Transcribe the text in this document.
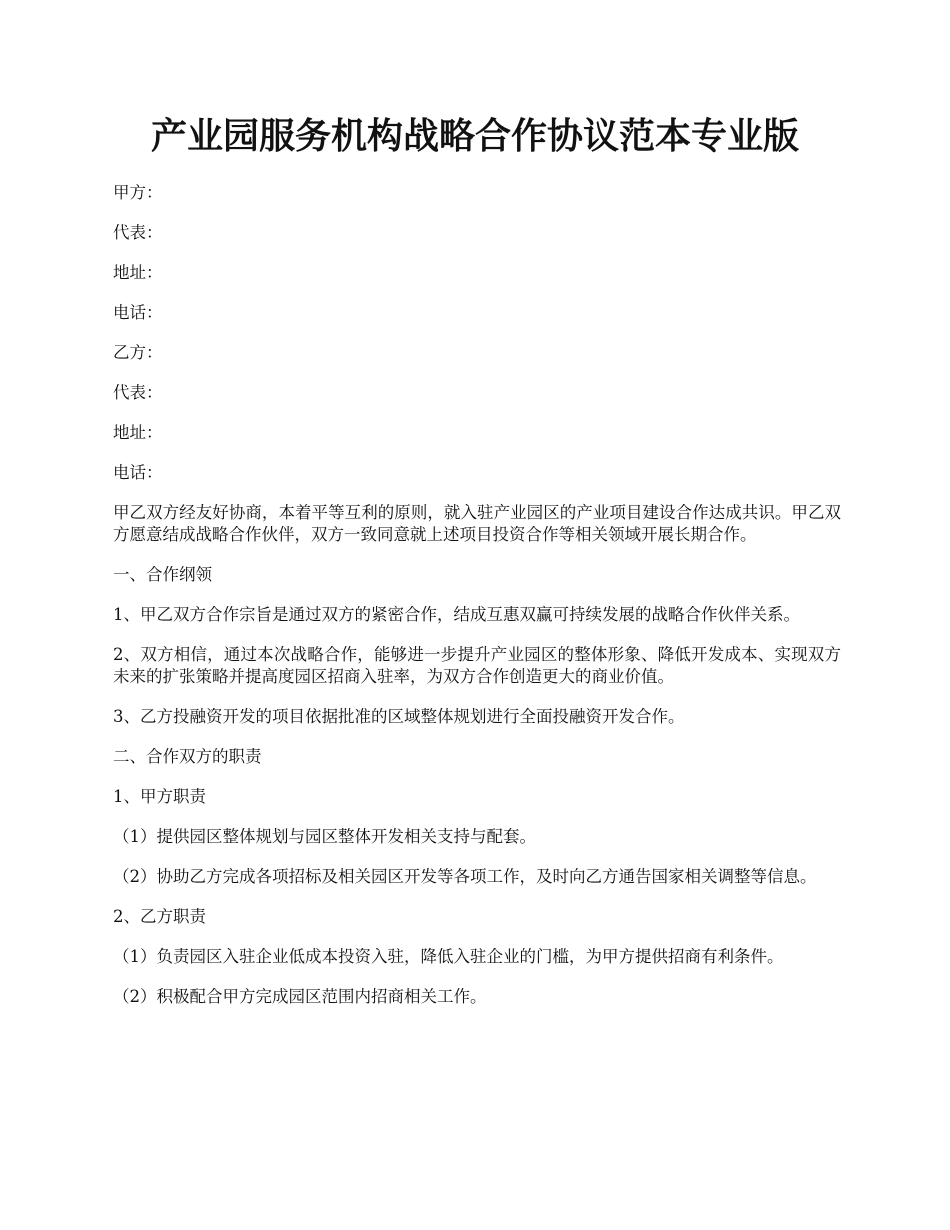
产业园服务机构战略合作协议范本专业版

甲方：

代表：

地址：

电话：

乙方：

代表：

地址：

电话：

甲乙双方经友好协商，本着平等互利的原则，就入驻产业园区的产业项目建设合作达成共识。甲乙双方愿意结成战略合作伙伴，双方一致同意就上述项目投资合作等相关领域开展长期合作。

一、合作纲领

1、甲乙双方合作宗旨是通过双方的紧密合作，结成互惠双赢可持续发展的战略合作伙伴关系。

2、双方相信，通过本次战略合作，能够进一步提升产业园区的整体形象、降低开发成本、实现双方未来的扩张策略并提高度园区招商入驻率，为双方合作创造更大的商业价值。

3、乙方投融资开发的项目依据批准的区域整体规划进行全面投融资开发合作。

二、合作双方的职责

1、甲方职责

（1）提供园区整体规划与园区整体开发相关支持与配套。

（2）协助乙方完成各项招标及相关园区开发等各项工作，及时向乙方通告国家相关调整等信息。

2、乙方职责

（1）负责园区入驻企业低成本投资入驻，降低入驻企业的门槛，为甲方提供招商有利条件。

（2）积极配合甲方完成园区范围内招商相关工作。
